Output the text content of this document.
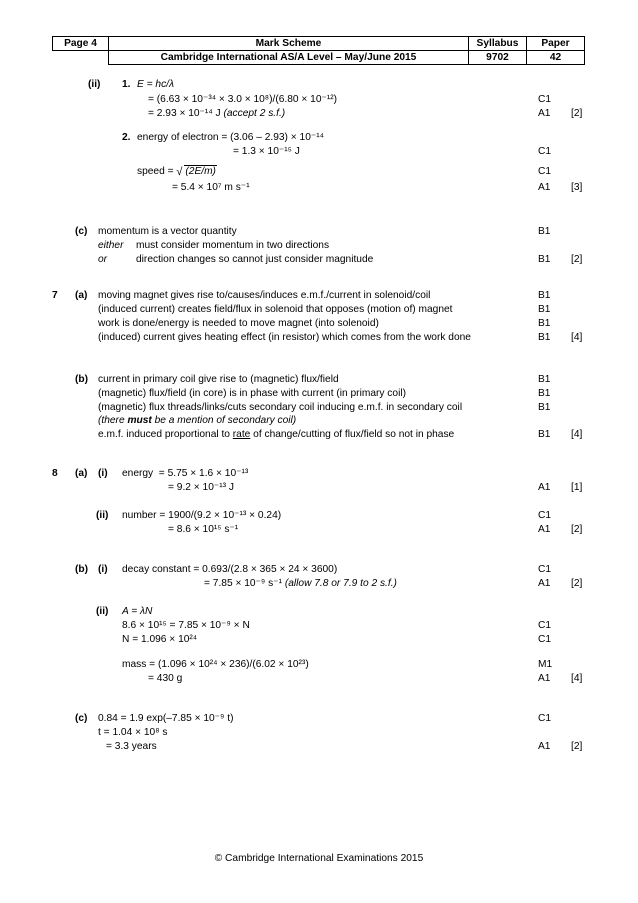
Page 4	Mark Scheme	Syllabus	Paper
	Cambridge International AS/A Level – May/June 2015	9702	42
(ii) 1. E = hc/λ
= (6.63 × 10⁻³⁴ × 3.0 × 10⁸)/(6.80 × 10⁻¹²)	C1
= 2.93 × 10⁻¹⁴ J (accept 2 s.f.)	A1	[2]
2. energy of electron = (3.06 – 2.93) × 10⁻¹⁴
= 1.3 × 10⁻¹⁵ J	C1
speed = √ (2E/m)	C1
= 5.4 × 10⁷ m s⁻¹	A1	[3]
(c) momentum is a vector quantity	B1
either must consider momentum in two directions
or	direction changes so cannot just consider magnitude	B1	[2]
7 (a) moving magnet gives rise to/causes/induces e.m.f./current in solenoid/coil	B1
(induced current) creates field/flux in solenoid that opposes (motion of) magnet	B1
work is done/energy is needed to move magnet (into solenoid)	B1
(induced) current gives heating effect (in resistor) which comes from the work done	B1	[4]
(b) current in primary coil give rise to (magnetic) flux/field	B1
(magnetic) flux/field (in core) is in phase with current (in primary coil)	B1
(magnetic) flux threads/links/cuts secondary coil inducing e.m.f. in secondary coil	B1
(there must be a mention of secondary coil)
e.m.f. induced proportional to rate of change/cutting of flux/field so not in phase	B1	[4]
8 (a) (i) energy  = 5.75 × 1.6 × 10⁻¹³
= 9.2 × 10⁻¹³ J	A1	[1]
(ii) number = 1900/(9.2 × 10⁻¹³ × 0.24)	C1
= 8.6 × 10¹⁵ s⁻¹	A1	[2]
(b) (i) decay constant = 0.693/(2.8 × 365 × 24 × 3600)	C1
= 7.85 × 10⁻⁹ s⁻¹ (allow 7.8 or 7.9 to 2 s.f.)	A1	[2]
(ii) A = λN
8.6 × 10¹⁵ = 7.85 × 10⁻⁹ × N	C1
N = 1.096 × 10²⁴	C1
mass = (1.096 × 10²⁴ × 236)/(6.02 × 10²³)	M1
= 430 g	A1	[4]
(c) 0.84 = 1.9 exp(–7.85 × 10⁻⁹ t)	C1
t = 1.04 × 10⁸ s
= 3.3 years	A1	[2]
© Cambridge International Examinations 2015
